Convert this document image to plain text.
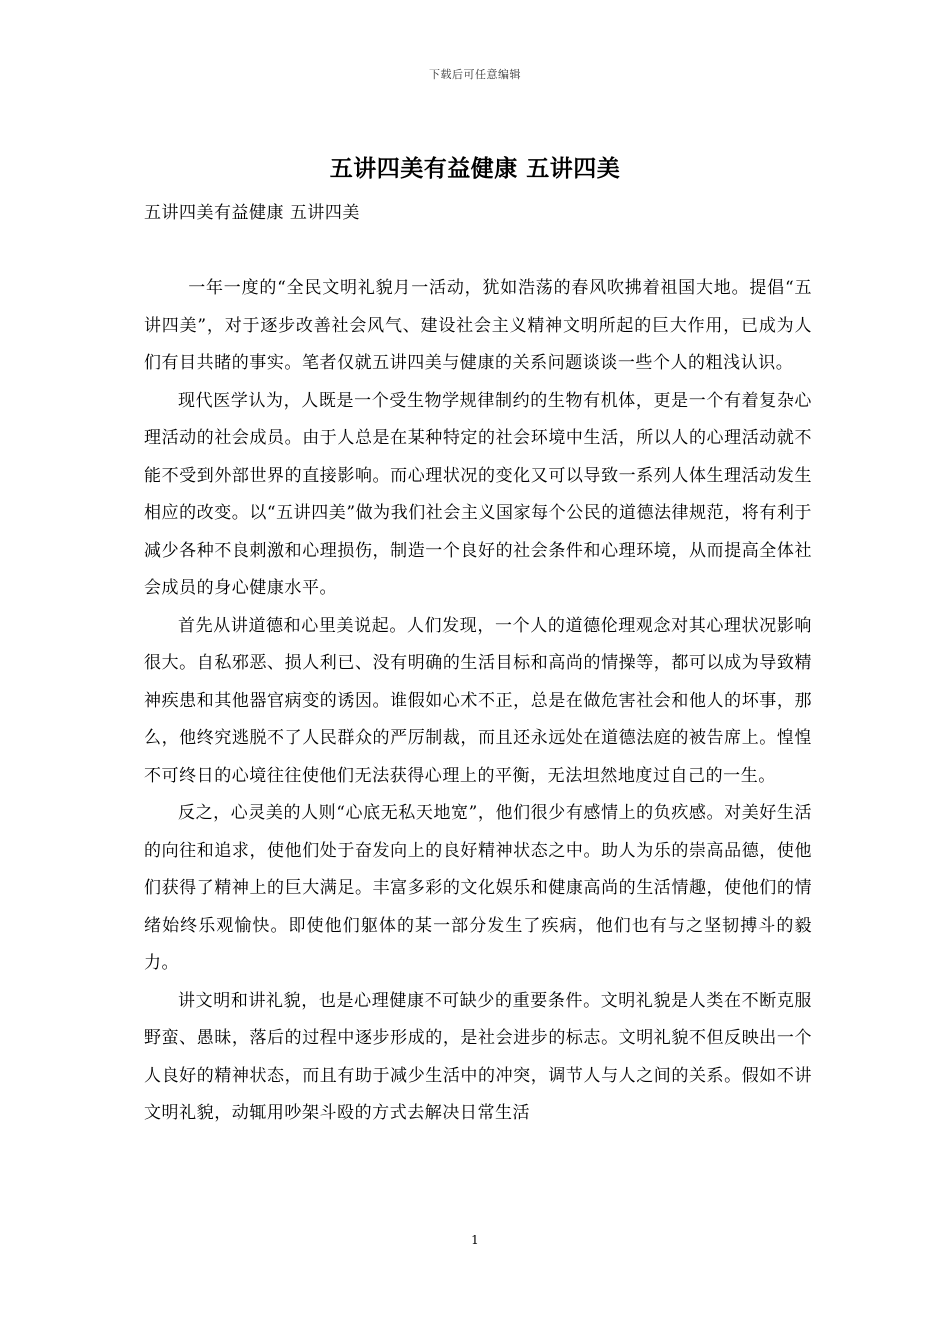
下载后可任意编辑
五讲四美有益健康 五讲四美

五讲四美有益健康 五讲四美

一年一度的“全民文明礼貌月一活动，犹如浩荡的春风吹拂着祖国大地。提倡“五讲四美”，对于逐步改善社会风气、建设社会主义精神文明所起的巨大作用，已成为人们有目共睹的事实。笔者仅就五讲四美与健康的关系问题谈谈一些个人的粗浅认识。

现代医学认为，人既是一个受生物学规律制约的生物有机体，更是一个有着复杂心理活动的社会成员。由于人总是在某种特定的社会环境中生活，所以人的心理活动就不能不受到外部世界的直接影响。而心理状况的变化又可以导致一系列人体生理活动发生相应的改变。以“五讲四美”做为我们社会主义国家每个公民的道德法律规范，将有利于减少各种不良刺激和心理损伤，制造一个良好的社会条件和心理环境，从而提高全体社会成员的身心健康水平。

首先从讲道德和心里美说起。人们发现，一个人的道德伦理观念对其心理状况影响很大。自私邪恶、损人利已、没有明确的生活目标和高尚的情操等，都可以成为导致精神疾患和其他器官病变的诱因。谁假如心术不正，总是在做危害社会和他人的坏事，那么，他终究逃脱不了人民群众的严厉制裁，而且还永远处在道德法庭的被告席上。惶惶不可终日的心境往往使他们无法获得心理上的平衡，无法坦然地度过自己的一生。

反之，心灵美的人则“心底无私天地宽”，他们很少有感情上的负疚感。对美好生活的向往和追求，使他们处于奋发向上的良好精神状态之中。助人为乐的崇高品德，使他们获得了精神上的巨大满足。丰富多彩的文化娱乐和健康高尚的生活情趣，使他们的情绪始终乐观愉快。即使他们躯体的某一部分发生了疾病，他们也有与之坚韧搏斗的毅力。

讲文明和讲礼貌，也是心理健康不可缺少的重要条件。文明礼貌是人类在不断克服野蛮、愚昧，落后的过程中逐步形成的，是社会进步的标志。文明礼貌不但反映出一个人良好的精神状态，而且有助于减少生活中的冲突，调节人与人之间的关系。假如不讲文明礼貌，动辄用吵架斗殴的方式去解决日常生活

1
